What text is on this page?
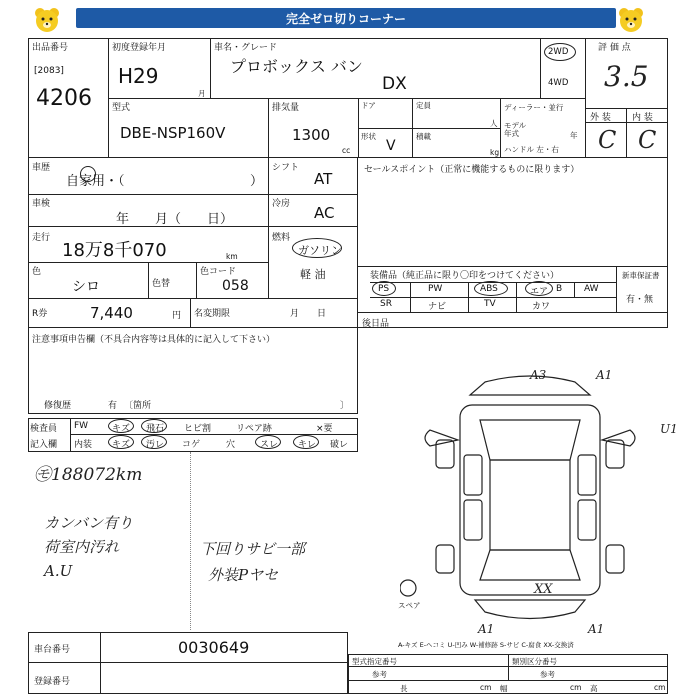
完全ゼロ切りコーナー
出品番号
[2083]
4206
初度登録年月
H29
月
車名・グレード
プロボックス バン
DX
2WD
4WD
評 価 点
3.5
外 装 内 装
C C
型式
DBE-NSP160V
排気量
1300
cc
ドア	定員
人
形状
V
積載
kg
ディーラー・並行
モデル 年式	年
ハンドル 左・右
車歴
自家用・（	）
車検
年　　月（　　日）
走行
18万8千070	km
色
シロ	色替
色コード
058
R券	7,440	円 名変期限	月　　日
シフト
AT
冷房 AC
燃料
ガソリン
軽 油
セールスポイント（正常に機能するものに限ります）
装備品（純正品に限り〇印をつけてください）	新車保証書
有・無
PS	PW	ABS	エア B AW
SR	ナビ	TV	カワ
後日品
注意事項申告欄（不具合内容等は具体的に記入して下さい）
修復歴	有 〔箇所	〕
検査員
記入欄
FW	キズ 飛石 ヒビ割	リペア跡	×要
内装 キズ 汚レ コゲ	穴	スレ キレ 破レ
㋲188072km
カンバン有り
荷室内汚れ
A.U
下回りサビ一部
外装Pヤセ
A3	A1
U1
XX
A1	A1
スペア
車台番号	0030649
登録番号
A-キズ E-ヘコミ U-凹み W-補修跡 S-サビ C-腐食 XX-交換済
型式指定番号	類別区分番号
参考	参考
長	cm 幅	cm 高	cm
